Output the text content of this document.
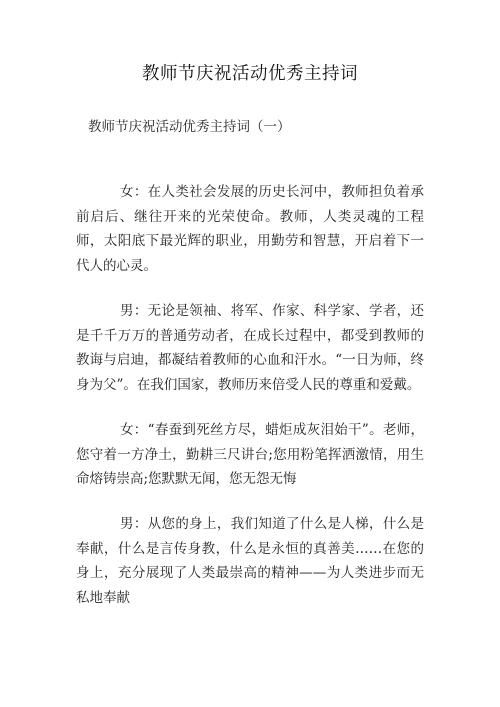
教师节庆祝活动优秀主持词
教师节庆祝活动优秀主持词（一）

女：在人类社会发展的历史长河中，教师担负着承前启后、继往开来的光荣使命。教师，人类灵魂的工程师，太阳底下最光辉的职业，用勤劳和智慧，开启着下一代人的心灵。

男：无论是领袖、将军、作家、科学家、学者，还是千千万万的普通劳动者，在成长过程中，都受到教师的教诲与启迪，都凝结着教师的心血和汗水。“一日为师，终身为父”。在我们国家，教师历来倍受人民的尊重和爱戴。

女：“春蚕到死丝方尽，蜡炬成灰泪始干”。老师，您守着一方净土，勤耕三尺讲台;您用粉笔挥洒激情，用生命熔铸崇高;您默默无闻，您无怨无悔

男：从您的身上，我们知道了什么是人梯，什么是奉献，什么是言传身教，什么是永恒的真善美……在您的身上，充分展现了人类最崇高的精神——为人类进步而无私地奉献
